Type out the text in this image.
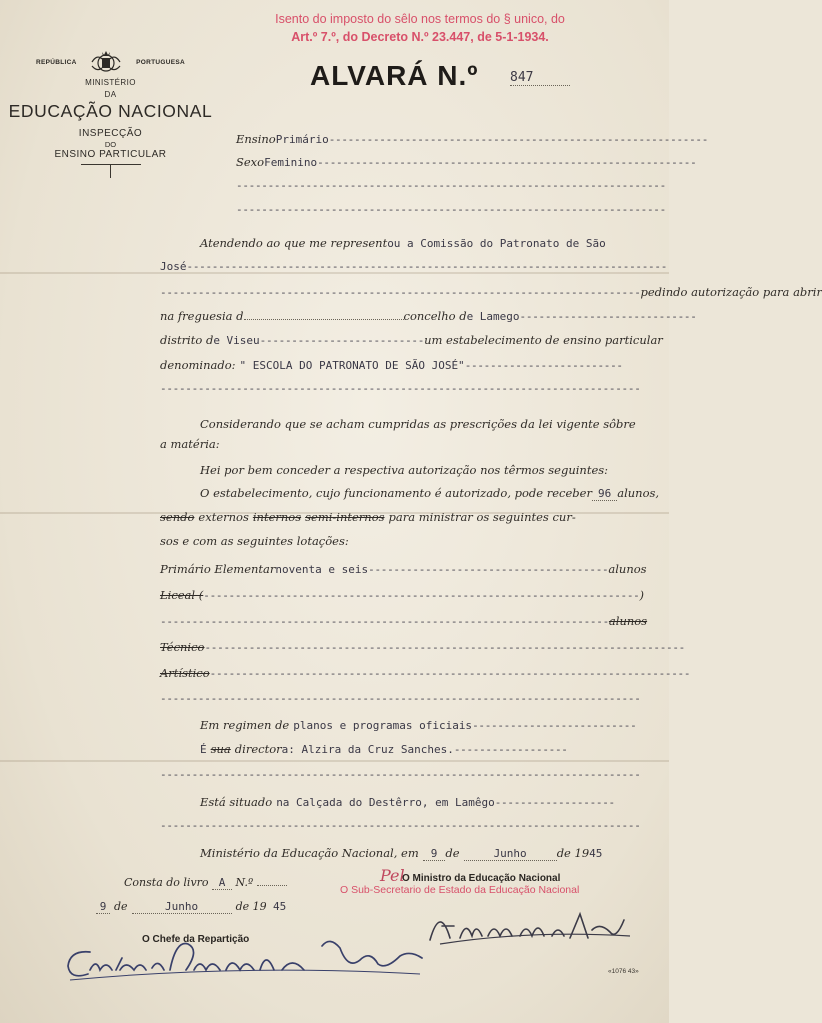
Isento do imposto do sêlo nos termos do § unico, do
Art.º 7.º, do Decreto N.º 23.447, de 5-1-1934.
REPÚBLICA	PORTUGUESA
MINISTÉRIO
DA
EDUCAÇÃO NACIONAL
INSPECÇÃO
DO
ENSINO PARTICULAR
ALVARÁ N.º 847
Ensino Primário ------------------------------------------------------------
Sexo Feminino ------------------------------------------------------------
--------------------------------------------------------------------
--------------------------------------------------------------------
Atendendo ao que me represent ou a Comissão do Patronato de São
José ----------------------------------------------------------------------------
---------------------------------------------------------------------------- pedindo autorização para abrir
na freguesia d	concelho d e Lamego ----------------------------
distrito d e Viseu -------------------------- um estabelecimento de ensino particular
denominado: " ESCOLA DO PATRONATO DE SÃO JOSÉ" -------------------------
----------------------------------------------------------------------------
Considerando que se acham cumpridas as prescrições da lei vigente sôbre a matéria:
Hei por bem conceder a respectiva autorização nos têrmos seguintes:
O estabelecimento, cujo funcionamento é autorizado, pode receber 96 alunos,
sendo externos internos semi-internos para ministrar os seguintes cur-
sos e com as seguintes lotações:
Primário Elementar noventa e seis -------------------------------------- alunos
Liceal ( --------------------------------------------------------------------- )
----------------------------------------------------------------------- alunos
Técnico ----------------------------------------------------------------------------
Artístico ----------------------------------------------------------------------------
----------------------------------------------------------------------------
Em regimen de planos e programas oficiais --------------------------
É sua director a: Alzira da Cruz Sanches. ------------------
----------------------------------------------------------------------------
Está situado na Calçada do Destêrro, em Lamêgo -------------------
----------------------------------------------------------------------------
Ministério da Educação Nacional, em	9 de	Junho	de 19 45
Consta do livro A N.º
9 de	Junho	de 19 45
Pel
O Ministro da Educação Nacional
O Sub-Secretario de Estado da Educação Nacional
O Chefe da Repartição
«1076 43»
